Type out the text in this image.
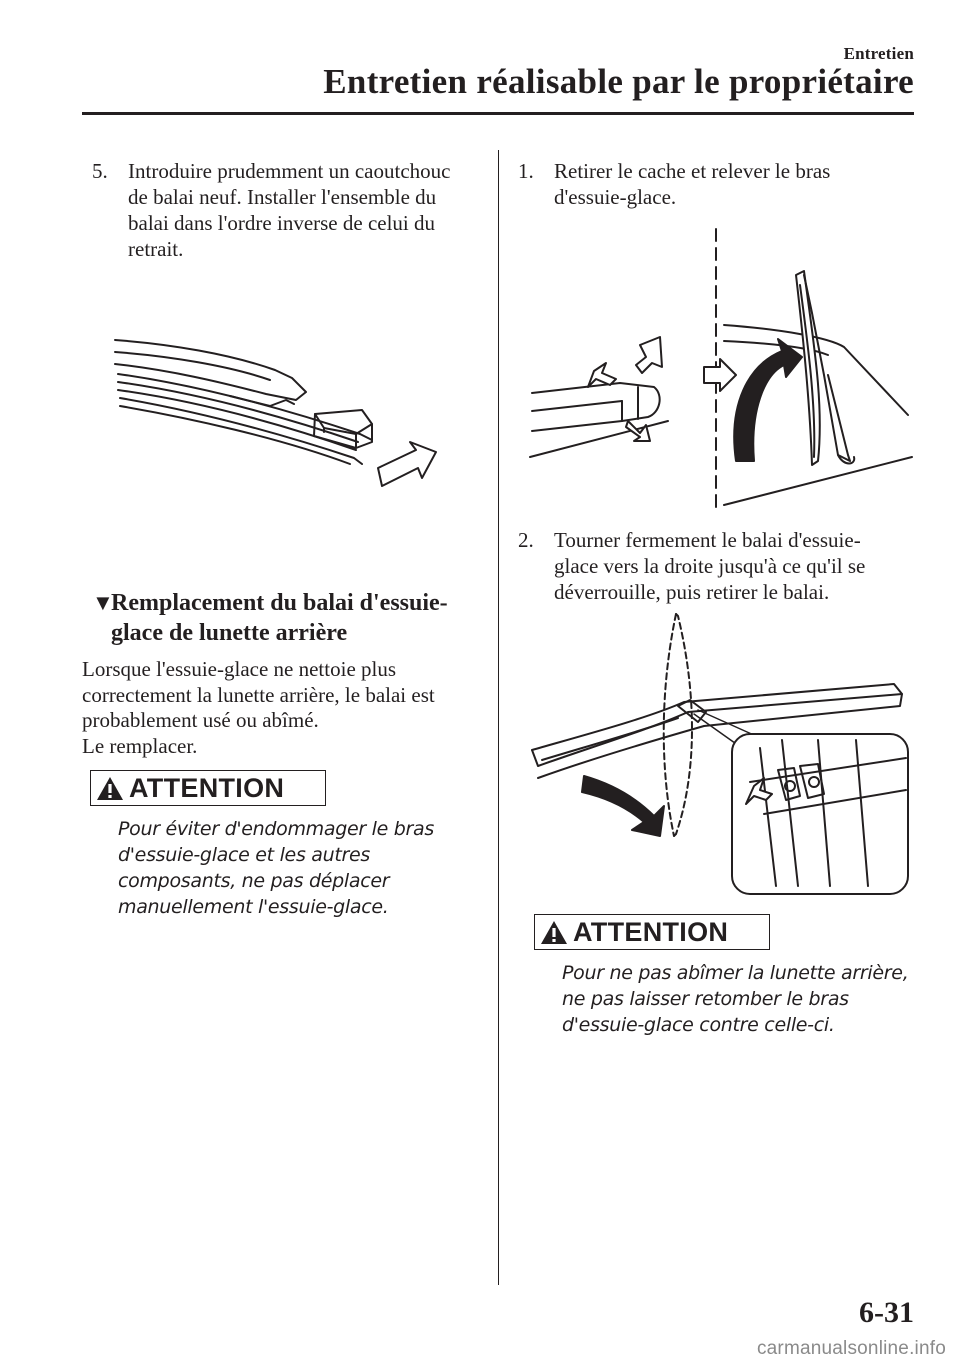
Entretien
Entretien réalisable par le propriétaire
5. Introduire prudemment un caoutchouc
de balai neuf. Installer l'ensemble du
balai dans l'ordre inverse de celui du
retrait.
▼
Remplacement du balai d'essuie-
glace de lunette arrière
Lorsque l'essuie-glace ne nettoie plus
correctement la lunette arrière, le balai est
probablement usé ou abîmé.
Le remplacer.
ATTENTION
Pour éviter d'endommager le bras
d'essuie-glace et les autres
composants, ne pas déplacer
manuellement l'essuie-glace.
1. Retirer le cache et relever le bras
d'essuie-glace.
2. Tourner fermement le balai d'essuie-
glace vers la droite jusqu'à ce qu'il se
déverrouille, puis retirer le balai.
ATTENTION
Pour ne pas abîmer la lunette arrière,
ne pas laisser retomber le bras
d'essuie-glace contre celle-ci.
6-31
carmanualsonline.info
